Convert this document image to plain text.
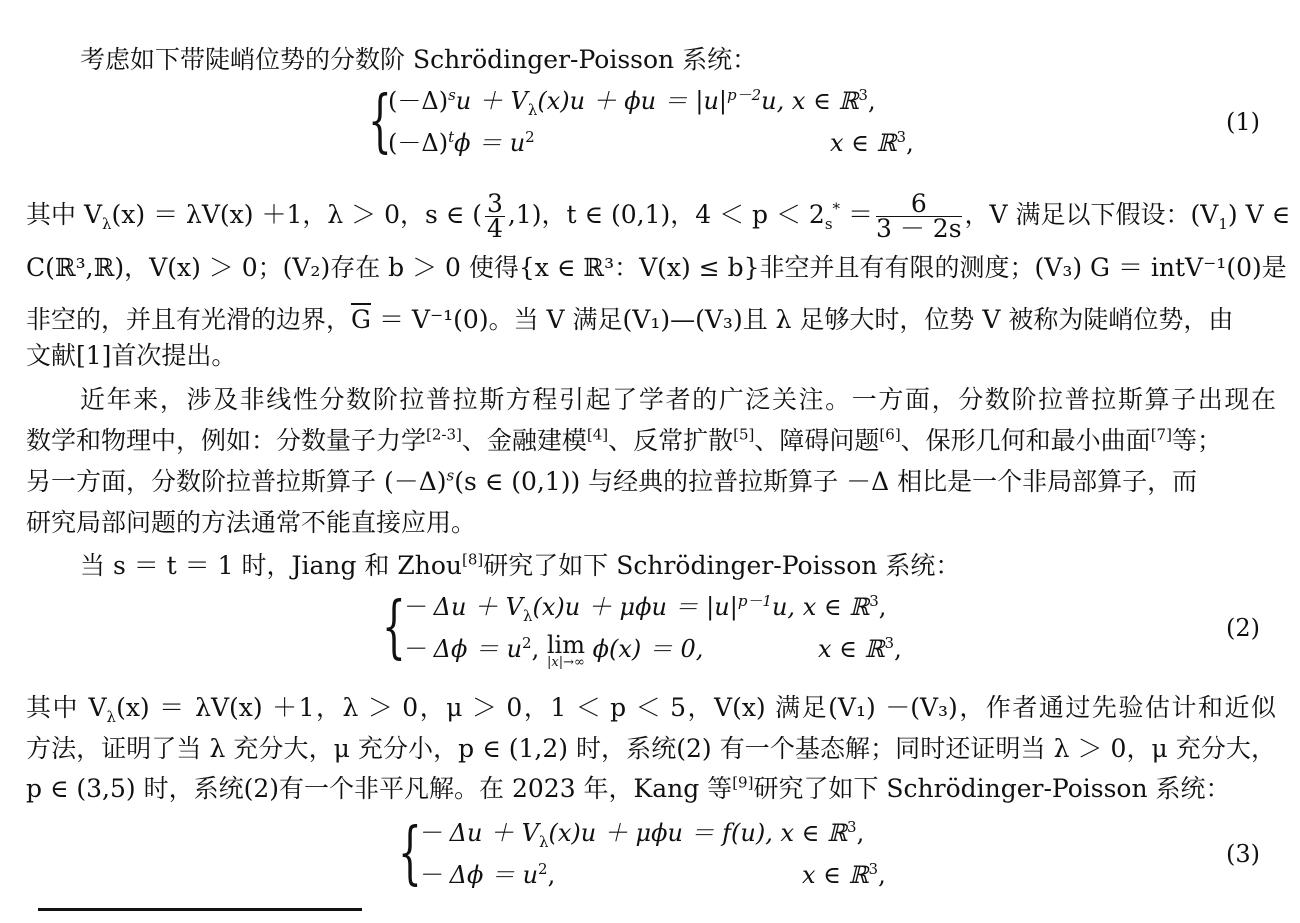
考虑如下带陡峭位势的分数阶 Schrödinger-Poisson 系统：
{
$(-\Delta)^su + V_\lambda(x)u + \phi u = |u|^{p-2}u$, x ∈ ℝ$^3$,
$(-\Delta)^t\phi = u^2$	x ∈ ℝ$^3$,
(1)
其中 $V_\lambda(x) = \lambda V(x) +1$，λ ＞ 0，s ∈ ( $\frac{3}{4} ,1$)，t ∈ (0,1)，$4 < p < 2_s^* = \frac{6}{3 - 2s}$ ，V 满足以下假设：$(V_1)$ V ∈
C(ℝ³,ℝ)，V(x) ＞ 0；(V₂)存在 b ＞ 0 使得{x ∈ ℝ³：V(x) ≤ b}非空并且有有限的测度；(V₃) G ＝ intV⁻¹(0)是
非空的，并且有光滑的边界，$\overline{G} = V^{-1}(0)$。当 V 满足(V₁)—(V₃)且 λ 足够大时，位势 V 被称为陡峭位势，由
文献[1]首次提出。
近年来，涉及非线性分数阶拉普拉斯方程引起了学者的广泛关注。一方面，分数阶拉普拉斯算子出现在
数学和物理中，例如：分数量子力学[2-3]、金融建模[4]、反常扩散[5]、障碍问题[6]、保形几何和最小曲面[7]等；
另一方面，分数阶拉普拉斯算子 $(-\Delta)^s(s$ ∈ (0,1)) 与经典的拉普拉斯算子 －Δ 相比是一个非局部算子，而
研究局部问题的方法通常不能直接应用。
当 s ＝ t ＝ 1 时，Jiang 和 Zhou[8]研究了如下 Schrödinger-Poisson 系统：
{
－ $\Delta u + V_\lambda(x)u + \mu\phi u = |u|^{p-1}u$, x ∈ ℝ$^3$,
－ $\Delta\phi = u^2$, lim
|x|→∞ ϕ(x) ＝ 0,	x ∈ ℝ$^3$,
(2)
其中 $V_\lambda(x) = \lambda V(x) +1$，λ ＞ 0，μ ＞ 0，1 ＜ p ＜ 5，V(x) 满足(V₁) －(V₃)，作者通过先验估计和近似
方法，证明了当 λ 充分大，μ 充分小，p ∈ (1,2) 时，系统(2) 有一个基态解；同时还证明当 λ ＞ 0，μ 充分大，
p ∈ (3,5) 时，系统(2)有一个非平凡解。在 2023 年，Kang 等[9]研究了如下 Schrödinger-Poisson 系统：
{
－ $\Delta u + V_\lambda(x)u + \mu\phi u = f(u)$, x ∈ ℝ$^3$,
－ $\Delta\phi = u^2$,	x ∈ ℝ$^3$,
(3)
